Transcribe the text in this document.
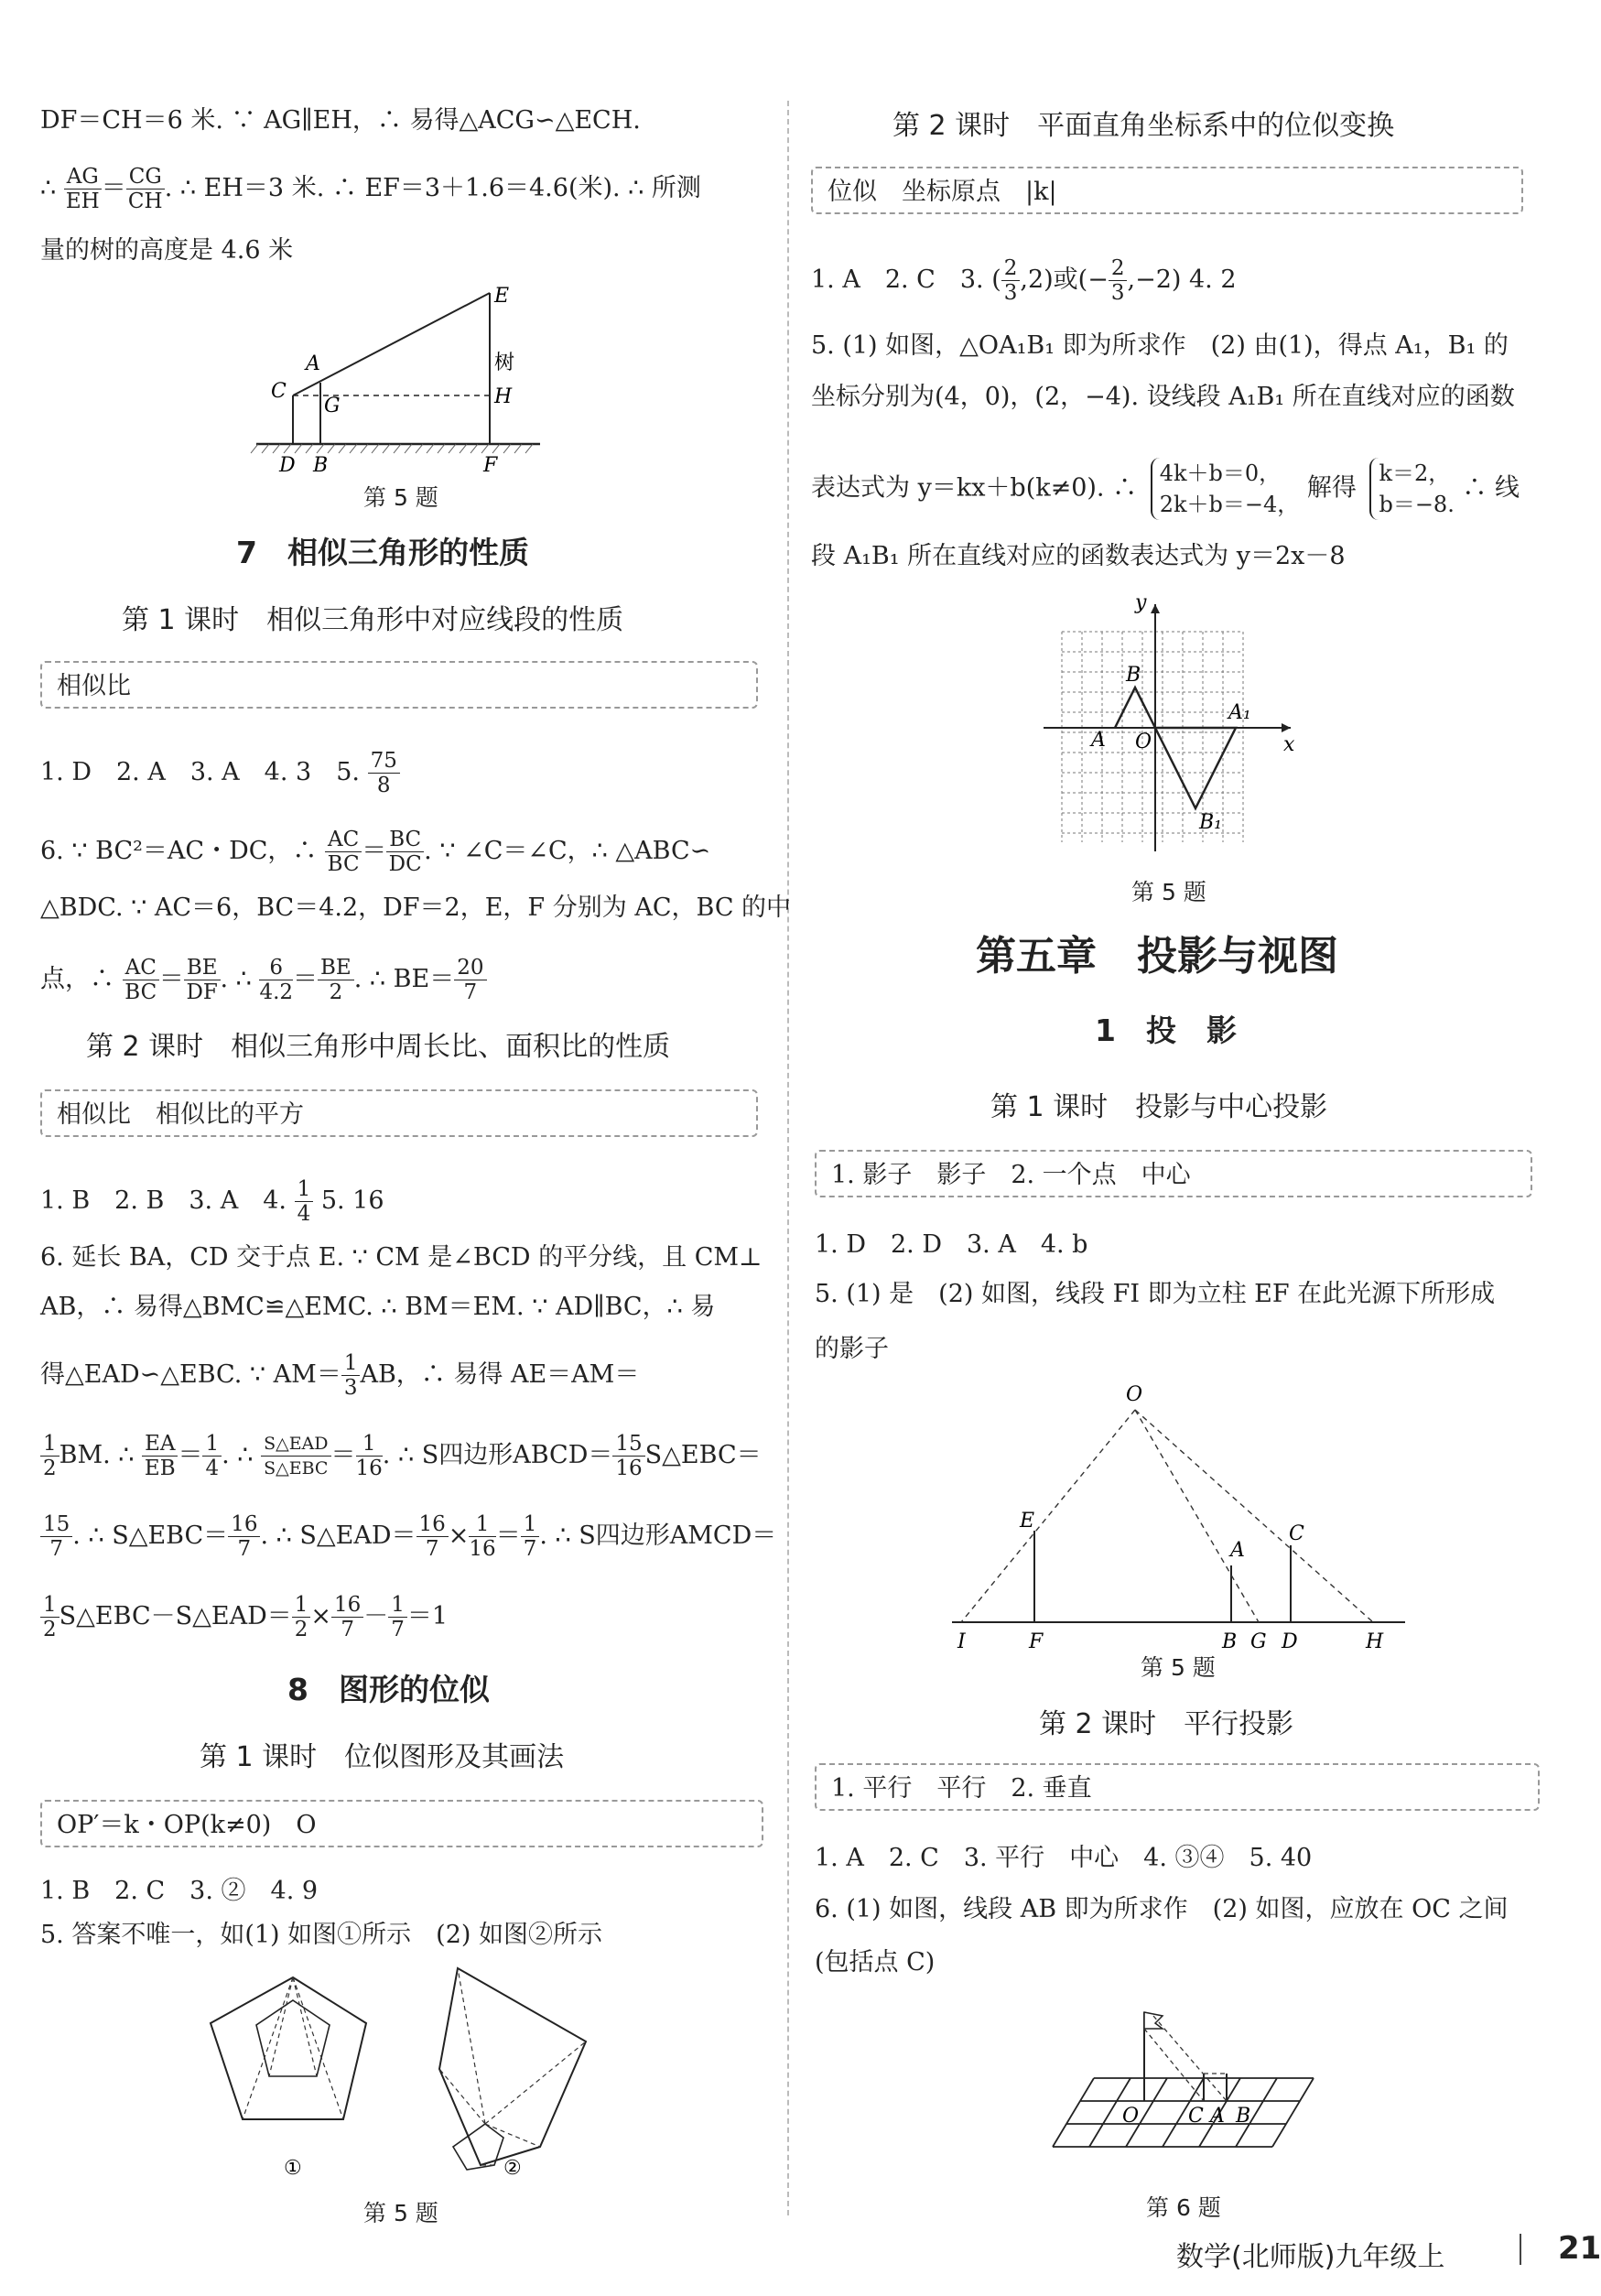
DF＝CH＝6 米. ∵ AG∥EH，∴ 易得△ACG∽△ECH.
∴ $\frac{AG}{EH} = \frac{CG}{CH}$ . ∴ EH＝3 米. ∴ EF＝3＋1.6＝4.6(米). ∴ 所测
量的树的高度是 4.6 米
E
A
C
G
树
H
D B	F
第 5 题
7　相似三角形的性质
第 1 课时　相似三角形中对应线段的性质
相似比
1. D　2. A　3. A　4. 3　5. $\frac{75}{8}$
6. ∵ BC²＝AC・DC，∴ $\frac{AC}{BC} = \frac{BC}{DC}$ . ∵ ∠C＝∠C，∴ △ABC∽
△BDC. ∵ AC＝6，BC＝4.2，DF＝2，E，F 分别为 AC，BC 的中
点，∴ $\frac{AC}{BC} = \frac{BE}{DF}$ . ∴ $\frac{6}{4.2} = \frac{BE}{2}$ . ∴ $BE= \frac{20}{7}$
第 2 课时　相似三角形中周长比、面积比的性质
相似比　相似比的平方
1. B　2. B　3. A　4. $\frac{1}{4} 5$. 16
6. 延长 BA，CD 交于点 E. ∵ CM 是∠BCD 的平分线，且 CM⊥
AB，∴ 易得△BMC≌△EMC. ∴ BM＝EM. ∵ AD∥BC，∴ 易
得△EAD∽△EBC. ∵ $AM= \frac{1}{3}$ AB，∴ 易得 AE＝AM＝
$\frac{1}{2}$ BM. ∴ $\frac{EA}{EB} = \frac{1}{4}$ . ∴ $\frac{\text{S△EAD}}{\text{S△EBC}} = \frac{1}{16}$ . ∴ S四边形ABCD＝ $\frac{15}{16}$ S△EBC＝
$\frac{15}{7}$ . ∴ S△EBC＝ $\frac{16}{7}$ . ∴ S△EAD＝ $\frac{16}{7} \times \frac{1}{16} = \frac{1}{7}$ . ∴ S四边形AMCD＝
$\frac{1}{2}$ S△EBC－S△EAD＝ $\frac{1}{2} \times \frac{16}{7} - \frac{1}{7} =1$
8　图形的位似
第 1 课时　位似图形及其画法
OP′＝k・OP(k≠0)　O
1. B　2. C　3. ②　4. 9
5. 答案不唯一，如(1) 如图①所示　(2) 如图②所示
①	②
第 5 题
第 2 课时　平面直角坐标系中的位似变换
位似　坐标原点　|k|
1. A　2. C　3. ( $\frac{2}{3} ,2$)或(− $\frac{2}{3} ,-2$) 4. 2
5. (1) 如图，△OA₁B₁ 即为所求作　(2) 由(1)，得点 A₁，B₁ 的
坐标分别为(4，0)，(2，−4). 设线段 A₁B₁ 所在直线对应的函数
表达式为 y＝kx＋b(k≠0). ∴
4k＋b＝0，
2k＋b＝−4，
解得
k＝2，
b＝−8.
∴ 线
段 A₁B₁ 所在直线对应的函数表达式为 y＝2x－8
y
x
B
A O
A₁
B₁
第 5 题
第五章　投影与视图
1　投　影
第 1 课时　投影与中心投影
1. 影子　影子　2. 一个点　中心
1. D　2. D　3. A　4. b
5. (1) 是　(2) 如图，线段 FI 即为立柱 EF 在此光源下所形成
的影子
O
E
A
C
I	F	B G D	H
第 5 题
第 2 课时　平行投影
1. 平行　平行　2. 垂直
1. A　2. C　3. 平行　中心　4. ③④　5. 40
6. (1) 如图，线段 AB 即为所求作　(2) 如图，应放在 OC 之间
(包括点 C)
O C A B
第 6 题
数学(北师版)九年级上	21
